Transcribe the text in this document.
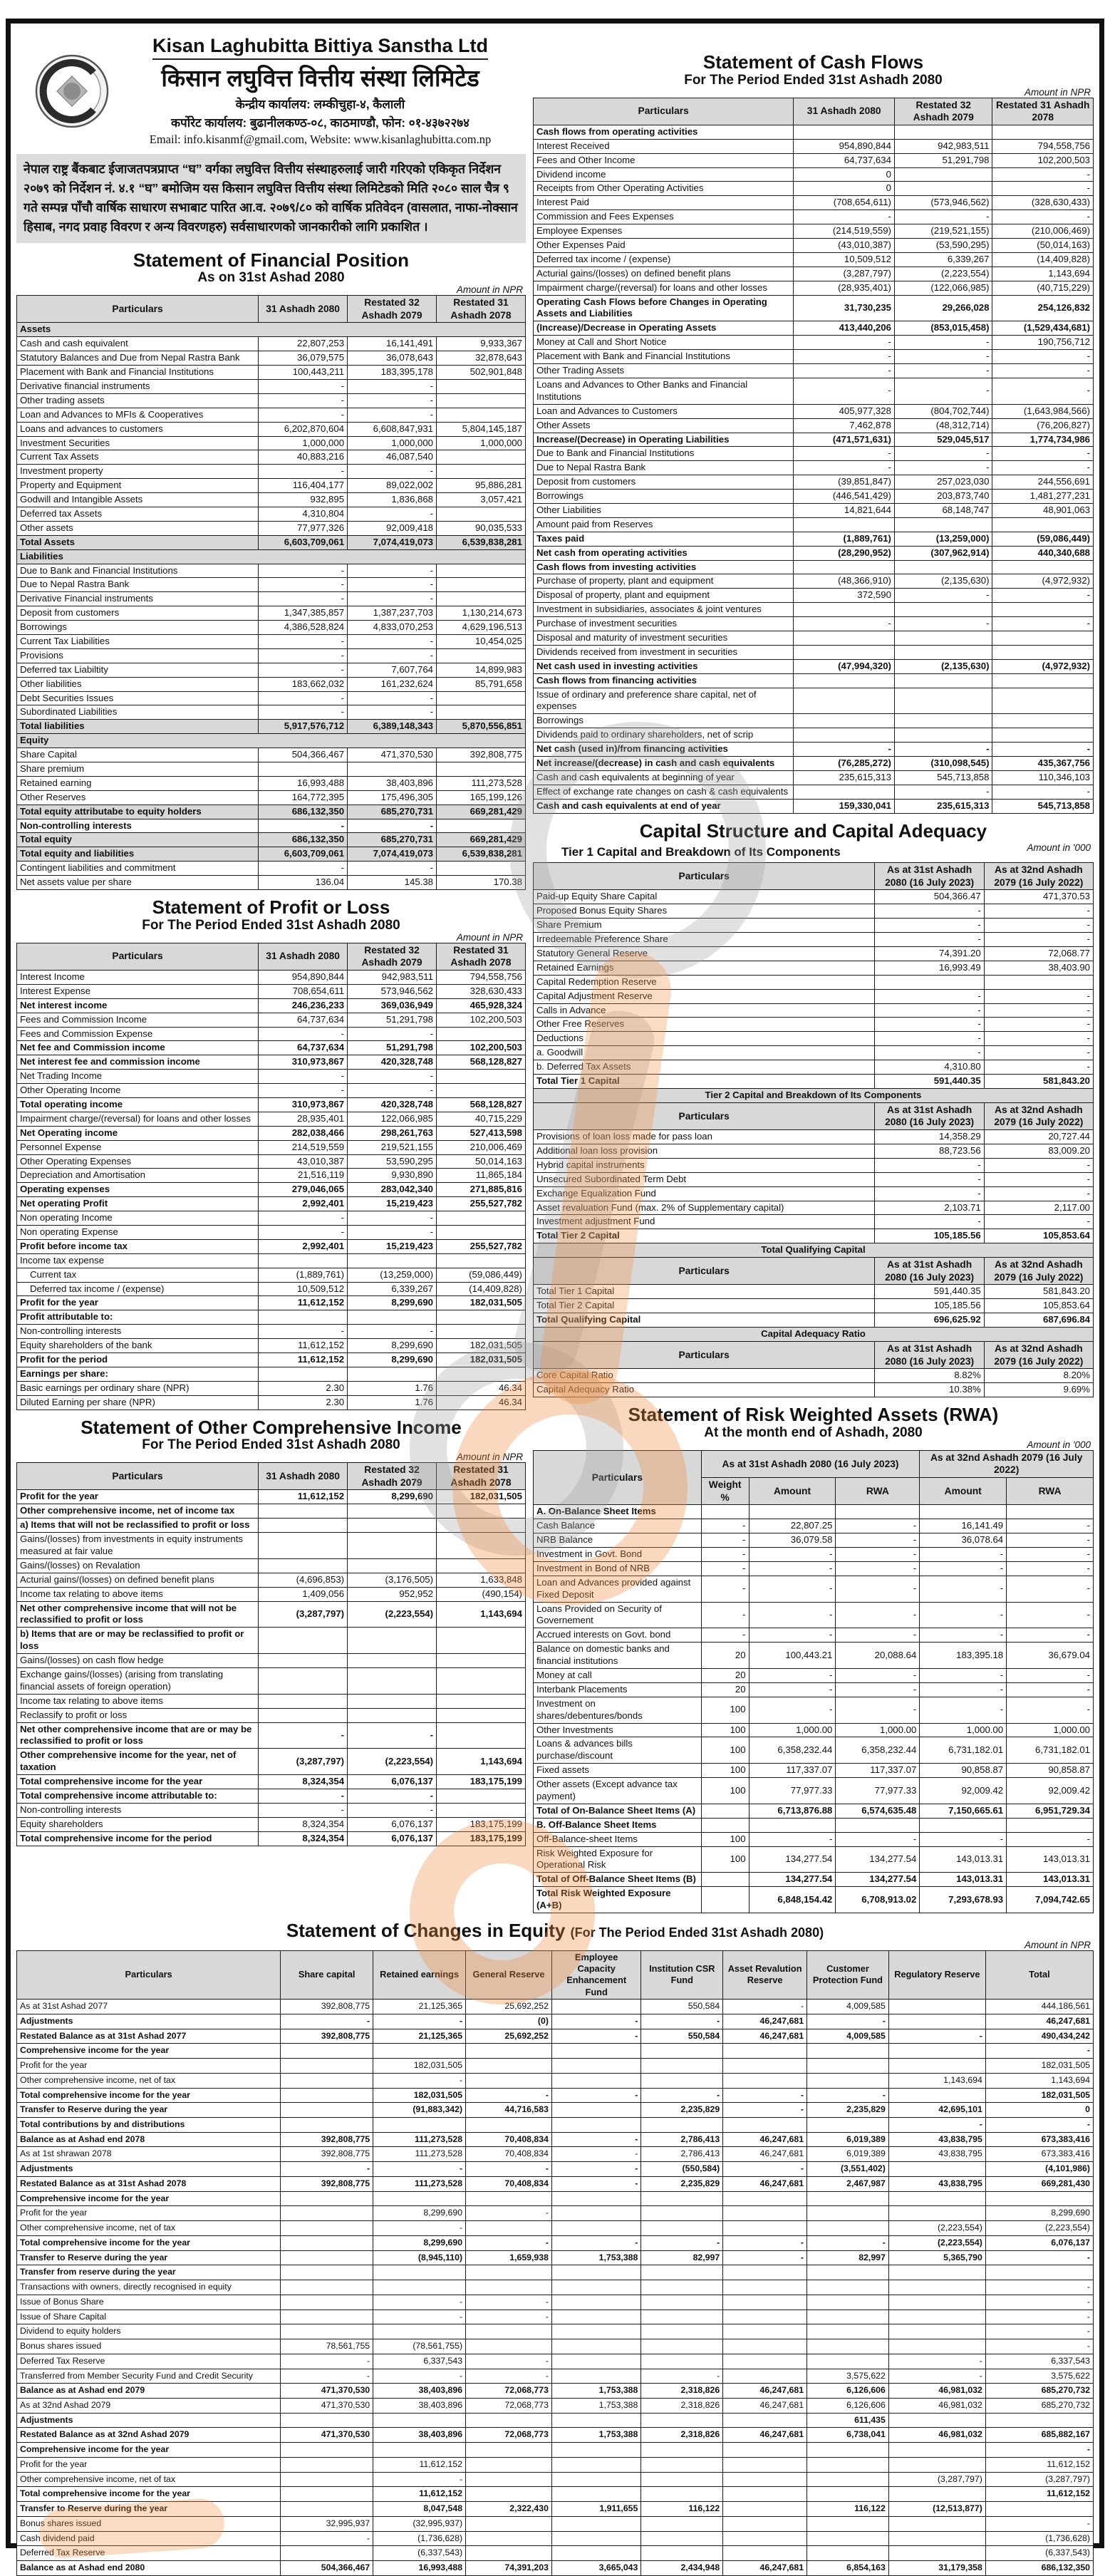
Kisan Laghubitta Bittiya Sanstha Ltd
किसान लघुवित्त वित्तीय संस्था लिमिटेड
केन्द्रीय कार्यालय: लम्कीचुहा-४, कैलाली
कर्पोरेट कार्यालय: बुढानीलकण्ठ-०८, काठमाण्डौ, फोन: ०१-४३७२२७४
Email: info.kisanmf@gmail.com, Website: www.kisanlaghubitta.com.np
नेपाल राष्ट्र बैंकबाट ईजाजतपत्रप्राप्त “घ” वर्गका लघुवित्त वित्तीय संस्थाहरुलाई जारी गरिएको एकिकृत निर्देशन २०७९ को निर्देशन नं. ४.१ “घ” बमोजिम यस किसान लघुवित्त वित्तीय संस्था लिमिटेडको मिति २०८० साल चैत्र ९ गते सम्पन्न पाँचौ वार्षिक साधारण सभाबाट पारित आ.व. २०७९/८० को वार्षिक प्रतिवेदन (वासलात, नाफा-नोक्सान हिसाब, नगद प्रवाह विवरण र अन्य विवरणहरु) सर्वसाधारणको जानकारीको लागि प्रकाशित ।
Statement of Financial Position
As on 31st Ashad 2080
Amount in NPR
Particulars	31 Ashadh 2080	Restated 32 Ashadh 2079	Restated 31 Ashadh 2078
Assets			
Cash and cash equivalent	22,807,253	16,141,491	9,933,367
Statutory Balances and Due from Nepal Rastra Bank	36,079,575	36,078,643	32,878,643
Placement with Bank and Financial Institutions	100,443,211	183,395,178	502,901,848
Derivative financial instruments	-	-	
Other trading assets	-	-	
Loan and Advances to MFIs & Cooperatives	-	-	
Loans and advances to customers	6,202,870,604	6,608,847,931	5,804,145,187
Investment Securities	1,000,000	1,000,000	1,000,000
Current Tax Assets	40,883,216	46,087,540	
Investment property	-	-	
Property and Equipment	116,404,177	89,022,002	95,886,281
Godwill and Intangible Assets	932,895	1,836,868	3,057,421
Deferred tax Assets	4,310,804	-	
Other assets	77,977,326	92,009,418	90,035,533
Total Assets	6,603,709,061	7,074,419,073	6,539,838,281
Liabilities			
Due to Bank and Financial Institutions	-	-	
Due to Nepal Rastra Bank	-	-	
Derivative Financial instruments	-	-	
Deposit from customers	1,347,385,857	1,387,237,703	1,130,214,673
Borrowings	4,386,528,824	4,833,070,253	4,629,196,513
Current Tax Liabilities	-	-	10,454,025
Provisions	-	-	
Deferred tax Liabiltity	-	7,607,764	14,899,983
Other liabilities	183,662,032	161,232,624	85,791,658
Debt Securities Issues	-	-	
Subordinated Liabilities	-	-	
Total liabilities	5,917,576,712	6,389,148,343	5,870,556,851
Equity			
Share Capital	504,366,467	471,370,530	392,808,775
Share premium			
Retained earning	16,993,488	38,403,896	111,273,528
Other Reserves	164,772,395	175,496,305	165,199,126
Total equity attributabe to equity holders	686,132,350	685,270,731	669,281,429
Non-controlling interests	-	-	
Total equity	686,132,350	685,270,731	669,281,429
Total equity and liabilities	6,603,709,061	7,074,419,073	6,539,838,281
Contingent liabilities and commitment	-	-	
Net assets value per share	136.04	145.38	170.38
Statement of Profit or Loss
For The Period Ended 31st Ashadh 2080
Amount in NPR
Particulars	31 Ashadh 2080	Restated 32 Ashadh 2079	Restated 31 Ashadh 2078
Interest Income	954,890,844	942,983,511	794,558,756
Interest Expense	708,654,611	573,946,562	328,630,433
Net interest income	246,236,233	369,036,949	465,928,324
Fees and Commission Income	64,737,634	51,291,798	102,200,503
Fees and Commission Expense	-	-	
Net fee and Commission income	64,737,634	51,291,798	102,200,503
Net interest fee and commission income	310,973,867	420,328,748	568,128,827
Net Trading Income	-	-	
Other Operating Income	-	-	
Total operating income	310,973,867	420,328,748	568,128,827
Impairment charge/(reversal) for loans and other losses	28,935,401	122,066,985	40,715,229
Net Operating income	282,038,466	298,261,763	527,413,598
Personnel Expense	214,519,559	219,521,155	210,006,469
Other Operating Expenses	43,010,387	53,590,295	50,014,163
Depreciation and Amortisation	21,516,119	9,930,890	11,865,184
Operating expenses	279,046,065	283,042,340	271,885,816
Net operating Profit	2,992,401	15,219,423	255,527,782
Non operating Income	-	-	
Non operating Expense	-	-	
Profit before income tax	2,992,401	15,219,423	255,527,782
Income tax expense			
Current tax	(1,889,761)	(13,259,000)	(59,086,449)
Deferred tax income / (expense)	10,509,512	6,339,267	(14,409,828)
Profit for the year	11,612,152	8,299,690	182,031,505
Profit attributable to:			
Non-controlling interests	-	-	
Equity shareholders of the bank	11,612,152	8,299,690	182,031,505
Profit for the period	11,612,152	8,299,690	182,031,505
Earnings per share:			
Basic earnings per ordinary share (NPR)	2.30	1.76	46.34
Diluted Earning per share (NPR)	2.30	1.76	46.34
Statement of Other Comprehensive Income
For The Period Ended 31st Ashadh 2080
Amount in NPR
Particulars	31 Ashadh 2080	Restated 32 Ashadh 2079	Restated 31 Ashadh 2078
Profit for the year	11,612,152	8,299,690	182,031,505
Other comprehensive income, net of income tax			
a) Items that will not be reclassified to profit or loss			
Gains/(losses) from investments in equity instruments measured at fair value			
Gains/(losses) on Revalation			
Acturial gains/(losses) on defined benefit plans	(4,696,853)	(3,176,505)	1,633,848
Income tax relating to above items	1,409,056	952,952	(490,154)
Net other comprehensive income that will not be reclassified to profit or loss	(3,287,797)	(2,223,554)	1,143,694
b) Items that are or may be reclassified to profit or loss			
Gains/(losses) on cash flow hedge			
Exchange gains/(losses) (arising from translating financial assets of foreign operation)			
Income tax relating to above items			
Reclassify to profit or loss			
Net other comprehensive income that are or may be reclassified to profit or loss	-	-	
Other comprehensive income for the year, net of taxation	(3,287,797)	(2,223,554)	1,143,694
Total comprehensive income for the year	8,324,354	6,076,137	183,175,199
Total comprehensive income attributable to:	-	-	
Non-controlling interests	-	-	
Equity shareholders	8,324,354	6,076,137	183,175,199
Total comprehensive income for the period	8,324,354	6,076,137	183,175,199
Statement of Cash Flows
For The Period Ended 31st Ashadh 2080
Amount in NPR
Particulars	31 Ashadh 2080	Restated 32 Ashadh 2079	Restated 31 Ashadh 2078
Cash flows from operating activities			
Interest Received	954,890,844	942,983,511	794,558,756
Fees and Other Income	64,737,634	51,291,798	102,200,503
Dividend income	0		-
Receipts from Other Operating Activities	0		-
Interest Paid	(708,654,611)	(573,946,562)	(328,630,433)
Commission and Fees Expenses	-	-	-
Employee Expenses	(214,519,559)	(219,521,155)	(210,006,469)
Other Expenses Paid	(43,010,387)	(53,590,295)	(50,014,163)
Deferred tax income / (expense)	10,509,512	6,339,267	(14,409,828)
Acturial gains/(losses) on defined benefit plans	(3,287,797)	(2,223,554)	1,143,694
Impairment charge/(reversal) for loans and other losses	(28,935,401)	(122,066,985)	(40,715,229)
Operating Cash Flows before Changes in Operating Assets and Liabilities	31,730,235	29,266,028	254,126,832
(Increase)/Decrease in Operating Assets	413,440,206	(853,015,458)	(1,529,434,681)
Money at Call and Short Notice	-	-	190,756,712
Placement with Bank and Financial Institutions	-	-	-
Other Trading Assets	-	-	-
Loans and Advances to Other Banks and Financial Institutions	-	-	-
Loan and Advances to Customers	405,977,328	(804,702,744)	(1,643,984,566)
Other Assets	7,462,878	(48,312,714)	(76,206,827)
Increase/(Decrease) in Operating Liabilities	(471,571,631)	529,045,517	1,774,734,986
Due to Bank and Financial Institutions	-	-	-
Due to Nepal Rastra Bank	-	-	-
Deposit from customers	(39,851,847)	257,023,030	244,556,691
Borrowings	(446,541,429)	203,873,740	1,481,277,231
Other Liabilities	14,821,644	68,148,747	48,901,063
Amount paid from Reserves			
Taxes paid	(1,889,761)	(13,259,000)	(59,086,449)
Net cash from operating activities	(28,290,952)	(307,962,914)	440,340,688
Cash flows from investing activities			
Purchase of property, plant and equipment	(48,366,910)	(2,135,630)	(4,972,932)
Disposal of property, plant and equipment	372,590	-	-
Investment in subsidiaries, associates & joint ventures			
Purchase of investment securities	-	-	-
Disposal and maturity of investment securities			
Dividends received from investment in securities			
Net cash used in investing activities	(47,994,320)	(2,135,630)	(4,972,932)
Cash flows from financing activities			
Issue of ordinary and preference share capital, net of expenses			
Borrowings			
Dividends paid to ordinary shareholders, net of scrip			
Net cash (used in)/from financing activities	-	-	-
Net increase/(decrease) in cash and cash equivalents	(76,285,272)	(310,098,545)	435,367,756
Cash and cash equivalents at beginning of year	235,615,313	545,713,858	110,346,103
Effect of exchange rate changes on cash & cash equivalents		-	-
Cash and cash equivalents at end of year	159,330,041	235,615,313	545,713,858
Capital Structure and Capital Adequacy
Tier 1 Capital and Breakdown of Its Components	Amount in '000
Particulars	As at 31st Ashadh 2080 (16 July 2023)	As at 32nd Ashadh 2079 (16 July 2022)
Paid-up Equity Share Capital	504,366.47	471,370.53
Proposed Bonus Equity Shares	-	-
Share Premium	-	-
Irredeemable Preference Share	-	-
Statutory General Reserve	74,391.20	72,068.77
Retained Earnings	16,993.49	38,403.90
Capital Redemption Reserve		
Capital Adjustment Reserve	-	-
Calls in Advance	-	-
Other Free Reserves	-	-
Deductions	-	-
a. Goodwill	-	-
b. Deferred Tax Assets	4,310.80	-
Total Tier 1 Capital	591,440.35	581,843.20
Tier 2 Capital and Breakdown of Its Components		
Particulars	As at 31st Ashadh 2080 (16 July 2023)	As at 32nd Ashadh 2079 (16 July 2022)
Provisions of loan loss made for pass loan	14,358.29	20,727.44
Additional loan loss provision	88,723.56	83,009.20
Hybrid capital instruments	-	-
Unsecured Subordinated Term Debt	-	-
Exchange Equalization Fund	-	-
Asset revaluation Fund (max. 2% of Supplementary capital)	2,103.71	2,117.00
Investment adjustment Fund	-	-
Total Tier 2 Capital	105,185.56	105,853.64
Total Qualifying Capital		
Particulars	As at 31st Ashadh 2080 (16 July 2023)	As at 32nd Ashadh 2079 (16 July 2022)
Total Tier 1 Capital	591,440.35	581,843.20
Total Tier 2 Capital	105,185.56	105,853.64
Total Qualifying Capital	696,625.92	687,696.84
Capital Adequacy Ratio		
Particulars	As at 31st Ashadh 2080 (16 July 2023)	As at 32nd Ashadh 2079 (16 July 2022)
Core Capital Ratio	8.82%	8.20%
Capital Adequacy Ratio	10.38%	9.69%
Statement of Risk Weighted Assets (RWA)
At the month end of Ashadh, 2080
Amount in '000
Particulars	As at 31st Ashadh 2080 (16 July 2023)			As at 32nd Ashadh 2079 (16 July 2022)	
	Weight %	Amount	RWA	Amount	RWA
A. On-Balance Sheet Items					
Cash Balance	-	22,807.25	-	16,141.49	-
NRB Balance	-	36,079.58	-	36,078.64	-
Investment in Govt. Bond	-	-	-	-	-
Investment in Bond of NRB	-	-	-	-	-
Loan and Advances provided against Fixed Deposit	-	-	-	-	-
Loans Provided on Security of Governement	-	-	-	-	-
Accrued interests on Govt. bond	-	-	-	-	-
Balance on domestic banks and financial institutions	20	100,443.21	20,088.64	183,395.18	36,679.04
Money at call	20	-	-	-	-
Interbank Placements	20	-	-	-	-
Investment on shares/debentures/bonds	100	-	-	-	-
Other Investments	100	1,000.00	1,000.00	1,000.00	1,000.00
Loans & advances bills purchase/discount	100	6,358,232.44	6,358,232.44	6,731,182.01	6,731,182.01
Fixed assets	100	117,337.07	117,337.07	90,858.87	90,858.87
Other assets (Except advance tax payment)	100	77,977.33	77,977.33	92,009.42	92,009.42
Total of On-Balance Sheet Items (A)		6,713,876.88	6,574,635.48	7,150,665.61	6,951,729.34
B. Off-Balance Sheet Items					
Off-Balance-sheet Items	100	-	-	-	-
Risk Weighted Exposure for Operational Risk	100	134,277.54	134,277.54	143,013.31	143,013.31
Total of Off-Balance Sheet Items (B)		134,277.54	134,277.54	143,013.31	143,013.31
Total Risk Weighted Exposure (A+B)		6,848,154.42	6,708,913.02	7,293,678.93	7,094,742.65
Statement of Changes in Equity (For The Period Ended 31st Ashadh 2080)
Amount in NPR
Particulars	Share capital	Retained earnings	General Reserve	Employee Capacity Enhancement Fund	Institution CSR Fund	Asset Revalution Reserve	Customer Protection Fund	Regulatory Reserve	Total
As at 31st Ashad 2077	392,808,775	21,125,365	25,692,252		550,584	-	4,009,585		444,186,561
Adjustments	-	-	(0)	-	-	46,247,681	-		46,247,681
Restated Balance as at 31st Ashad 2077	392,808,775	21,125,365	25,692,252	-	550,584	46,247,681	4,009,585	-	490,434,242
Comprehensive income for the year									-
Profit for the year		182,031,505							182,031,505
Other comprehensive income, net of tax		-						1,143,694	1,143,694
Total comprehensive income for the year		182,031,505	-	-	-	-	-		182,031,505
Transfer to Reserve during the year		(91,883,342)	44,716,583		2,235,829	-	2,235,829	42,695,101	0
Total contributions by and distributions								-	-
Balance as at Ashad end 2078	392,808,775	111,273,528	70,408,834	-	2,786,413	46,247,681	6,019,389	43,838,795	673,383,416
As at 1st shrawan 2078	392,808,775	111,273,528	70,408,834	-	2,786,413	46,247,681	6,019,389	43,838,795	673,383,416
Adjustments	-	-	-	-	(550,584)	-	(3,551,402)		(4,101,986)
Restated Balance as at 31st Ashad 2078	392,808,775	111,273,528	70,408,834	-	2,235,829	46,247,681	2,467,987	43,838,795	669,281,430
Comprehensive income for the year									
Profit for the year		8,299,690	-						8,299,690
Other comprehensive income, net of tax		-						(2,223,554)	(2,223,554)
Total comprehensive income for the year		8,299,690	-	-	-	-	-	(2,223,554)	6,076,137
Transfer to Reserve during the year		(8,945,110)	1,659,938	1,753,388	82,997	-	82,997	5,365,790	-
Transfer from reserve during the year									
Transactions with owners, directly recognised in equity									-
Issue of Bonus Share		-	-						-
Issue of Share Capital		-	-						-
Dividend to equity holders									-
Bonus shares issued	78,561,755	(78,561,755)							-
Deferred Tax Reserve	-	6,337,543	-					-	6,337,543
Transferred from Member Security Fund and Credit Security	-	-	-		-		3,575,622	-	3,575,622
Balance as at Ashad end 2079	471,370,530	38,403,896	72,068,773	1,753,388	2,318,826	46,247,681	6,126,606	46,981,032	685,270,732
As at 32nd Ashad 2079	471,370,530	38,403,896	72,068,773	1,753,388	2,318,826	46,247,681	6,126,606	46,981,032	685,270,732
Adjustments							611,435		
Restated Balance as at 32nd Ashad 2079	471,370,530	38,403,896	72,068,773	1,753,388	2,318,826	46,247,681	6,738,041	46,981,032	685,882,167
Comprehensive income for the year									-
Profit for the year		11,612,152							11,612,152
Other comprehensive income, net of tax		-						(3,287,797)	(3,287,797)
Total comprehensive income for the year		11,612,152							11,612,152
Transfer to Reserve during the year		8,047,548	2,322,430	1,911,655	116,122		116,122	(12,513,877)	
Bonus shares issued	32,995,937	(32,995,937)							-
Cash dividend paid	-	(1,736,628)							(1,736,628)
Deferred Tax Reserve		(6,337,543)							(6,337,543)
Balance as at Ashad end 2080	504,366,467	16,993,488	74,391,203	3,665,043	2,434,948	46,247,681	6,854,163	31,179,358	686,132,350
